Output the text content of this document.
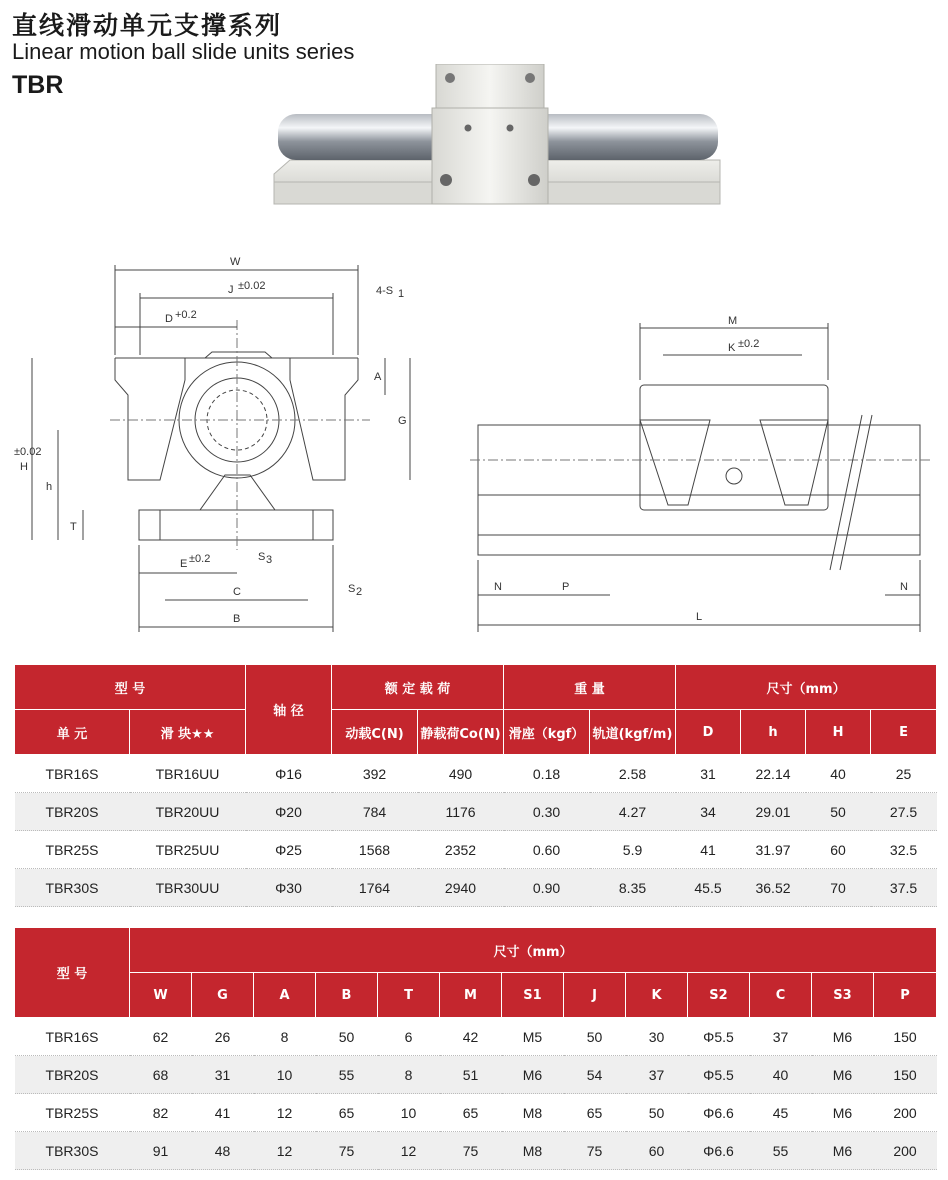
直线滑动单元支撑系列
Linear motion ball slide units series
TBR
W
J ±0.02
D +0.2
4-S 1
A
G
H
±0.02
h
T
E ±0.2	S 3
C	S 2
B
M
K ±0.2
N	P
L
N
型 号		轴 径	额 定 载 荷		重 量		尺寸（mm）			
单 元	滑 块★★		动载C(N)	静载荷Co(N)	滑座（kgf）	轨道(kgf/m)	D	h	H	E
TBR16S	TBR16UU	Φ16	392	490	0.18	2.58	31	22.14	40	25
TBR20S	TBR20UU	Φ20	784	1176	0.30	4.27	34	29.01	50	27.5
TBR25S	TBR25UU	Φ25	1568	2352	0.60	5.9	41	31.97	60	32.5
TBR30S	TBR30UU	Φ30	1764	2940	0.90	8.35	45.5	36.52	70	37.5
型 号	尺寸（mm）												
	W	G	A	B	T	M	S1	J	K	S2	C	S3	P
TBR16S	62	26	8	50	6	42	M5	50	30	Φ5.5	37	M6	150
TBR20S	68	31	10	55	8	51	M6	54	37	Φ5.5	40	M6	150
TBR25S	82	41	12	65	10	65	M8	65	50	Φ6.6	45	M6	200
TBR30S	91	48	12	75	12	75	M8	75	60	Φ6.6	55	M6	200
